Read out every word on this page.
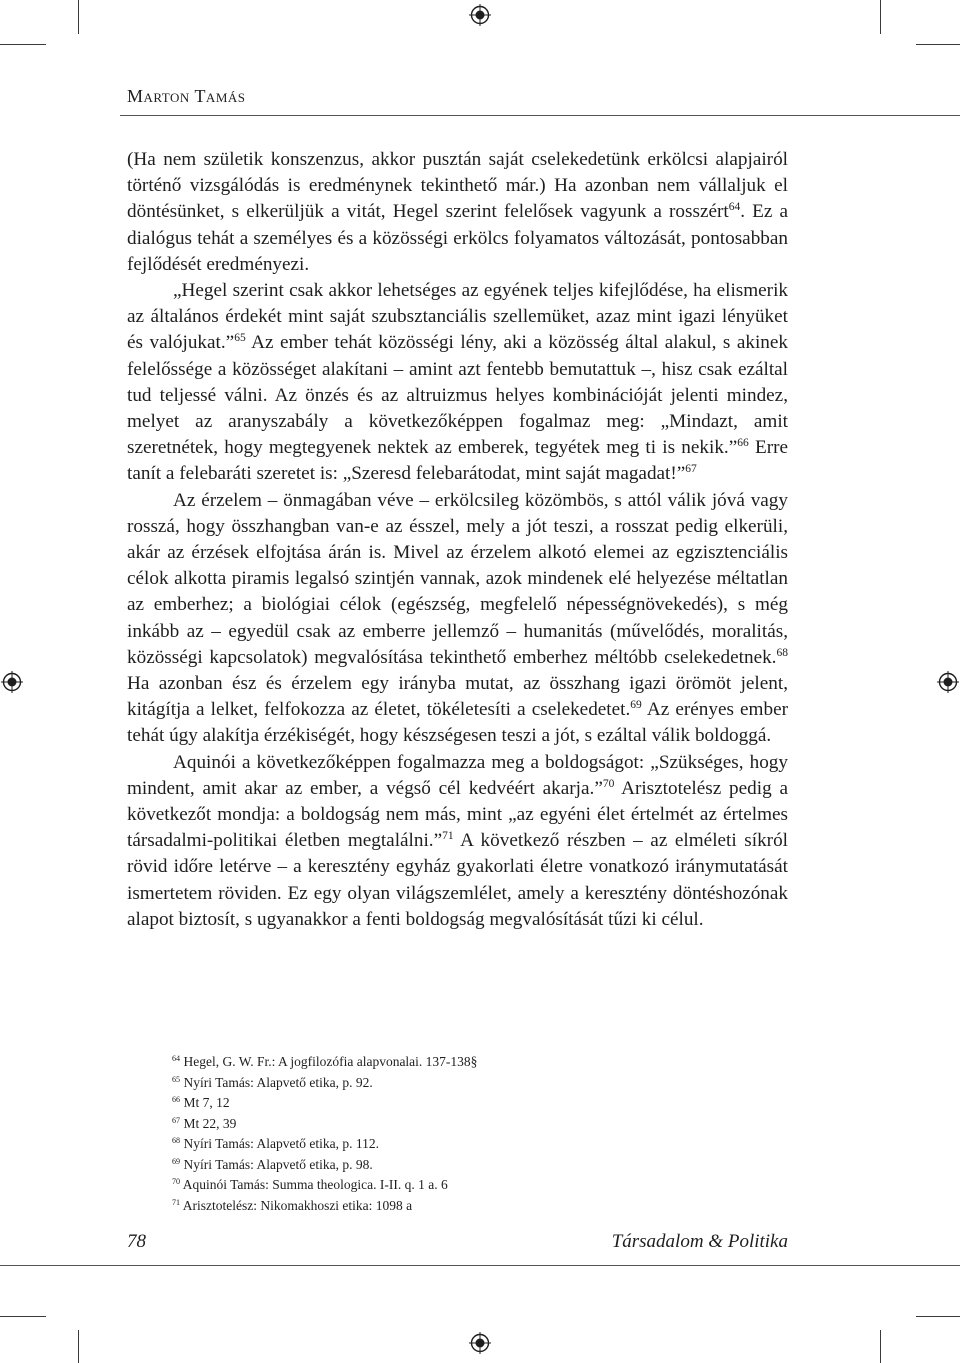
Marton Tamás

(Ha nem születik konszenzus, akkor pusztán saját cselekedetünk erkölcsi alapjairól történő vizsgálódás is eredménynek tekinthető már.) Ha azonban nem vállaljuk el döntésünket, s elkerüljük a vitát, Hegel szerint felelősek vagyunk a rosszért$^{64}$. Ez a dialógus tehát a személyes és a közösségi erkölcs folyamatos változását, pontosabban fejlődését eredményezi.

„Hegel szerint csak akkor lehetséges az egyének teljes kifejlődése, ha elismerik az általános érdekét mint saját szubsztanciális szellemüket, azaz mint igazi lényüket és valójukat.”$^{65}$ Az ember tehát közösségi lény, aki a közösség által alakul, s akinek felelőssége a közösséget alakítani – amint azt fentebb bemutattuk –, hisz csak ezáltal tud teljessé válni. Az önzés és az altruizmus helyes kombinációját jelenti mindez, melyet az aranyszabály a következőképpen fogalmaz meg: „Mindazt, amit szeretnétek, hogy megtegyenek nektek az emberek, tegyétek meg ti is nekik.”$^{66}$ Erre tanít a felebaráti szeretet is: „Szeresd felebarátodat, mint saját magadat!”$^{67}$

Az érzelem – önmagában véve – erkölcsileg közömbös, s attól válik jóvá vagy rosszá, hogy összhangban van-e az ésszel, mely a jót teszi, a rosszat pedig elkerüli, akár az érzések elfojtása árán is. Mivel az érzelem alkotó elemei az egzisztenciális célok alkotta piramis legalsó szintjén vannak, azok mindenek elé helyezése méltatlan az emberhez; a biológiai célok (egészség, megfelelő népességnövekedés), s még inkább az – egyedül csak az emberre jellemző – humanitás (művelődés, moralitás, közösségi kapcsolatok) megvalósítása tekinthető emberhez méltóbb cselekedetnek.$^{68}$ Ha azonban ész és érzelem egy irányba mutat, az összhang igazi örömöt jelent, kitágítja a lelket, felfokozza az életet, tökéletesíti a cselekedetet.$^{69}$ Az erényes ember tehát úgy alakítja érzékiségét, hogy készségesen teszi a jót, s ezáltal válik boldoggá.

Aquinói a következőképpen fogalmazza meg a boldogságot: „Szükséges, hogy mindent, amit akar az ember, a végső cél kedvéért akarja.”$^{70}$ Arisztotelész pedig a következőt mondja: a boldogság nem más, mint „az egyéni élet értelmét az értelmes társadalmi-politikai életben megtalálni.”$^{71}$ A következő részben – az elméleti síkról rövid időre letérve – a keresztény egyház gyakorlati életre vonatkozó iránymutatását ismertetem röviden. Ez egy olyan világszemlélet, amely a keresztény döntéshozónak alapot biztosít, s ugyanakkor a fenti boldogság megvalósítását tűzi ki célul.

$^{64}$ Hegel, G. W. Fr.: A jogfilozófia alapvonalai. 137-138§
$^{65}$ Nyíri Tamás: Alapvető etika, p. 92.
$^{66}$ Mt 7, 12
$^{67}$ Mt 22, 39
$^{68}$ Nyíri Tamás: Alapvető etika, p. 112.
$^{69}$ Nyíri Tamás: Alapvető etika, p. 98.
$^{70}$ Aquinói Tamás: Summa theologica. I-II. q. 1 a. 6
$^{71}$ Arisztotelész: Nikomakhoszi etika: 1098 a
78	Társadalom & Politika
